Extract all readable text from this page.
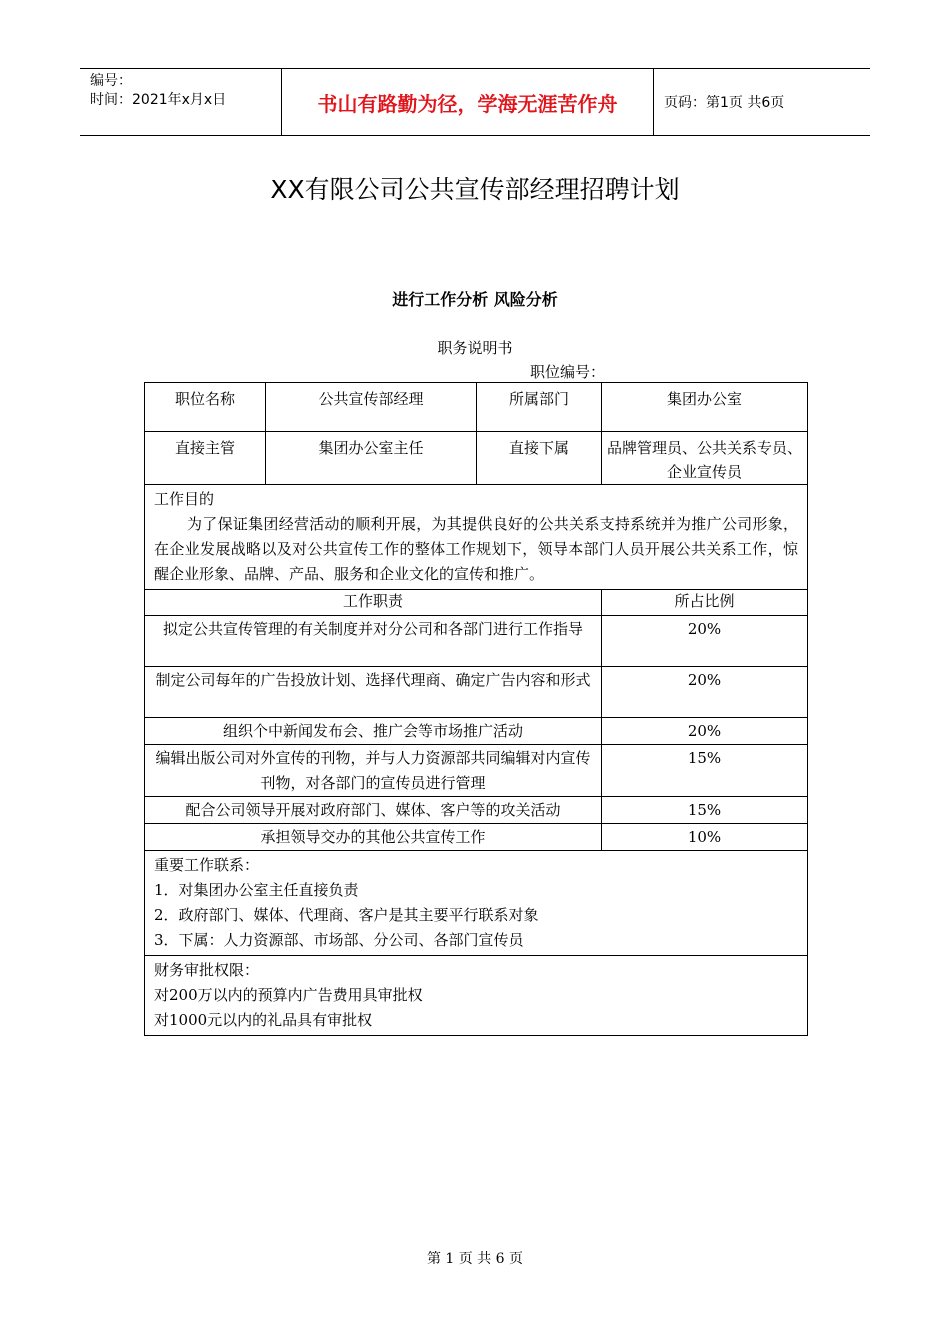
编号：
时间：2021年x月x日	书山有路勤为径，学海无涯苦作舟	页码：第1页 共6页
XX有限公司公共宣传部经理招聘计划
进行工作分析 风险分析
职务说明书
职位编号：
职位名称	公共宣传部经理	所属部门	集团办公室
直接主管	集团办公室主任	直接下属	品牌管理员、公共关系专员、企业宣传员

工作目的
为了保证集团经营活动的顺利开展，为其提供良好的公共关系支持系统并为推广公司形象，在企业发展战略以及对公共宣传工作的整体工作规划下，领导本部门人员开展公共关系工作，惊醒企业形象、品牌、产品、服务和企业文化的宣传和推广。			

工作职责			所占比例
拟定公共宣传管理的有关制度并对分公司和各部门进行工作指导			20%
制定公司每年的广告投放计划、选择代理商、确定广告内容和形式			20%
组织个中新闻发布会、推广会等市场推广活动			20%
编辑出版公司对外宣传的刊物，并与人力资源部共同编辑对内宣传刊物，对各部门的宣传员进行管理			15%
配合公司领导开展对政府部门、媒体、客户等的攻关活动			15%
承担领导交办的其他公共宣传工作			10%

重要工作联系：
1．对集团办公室主任直接负责
2．政府部门、媒体、代理商、客户是其主要平行联系对象
3．下属：人力资源部、市场部、分公司、各部门宣传员			

财务审批权限：
对200万以内的预算内广告费用具审批权
对1000元以内的礼品具有审批权			
第 1 页 共 6 页
